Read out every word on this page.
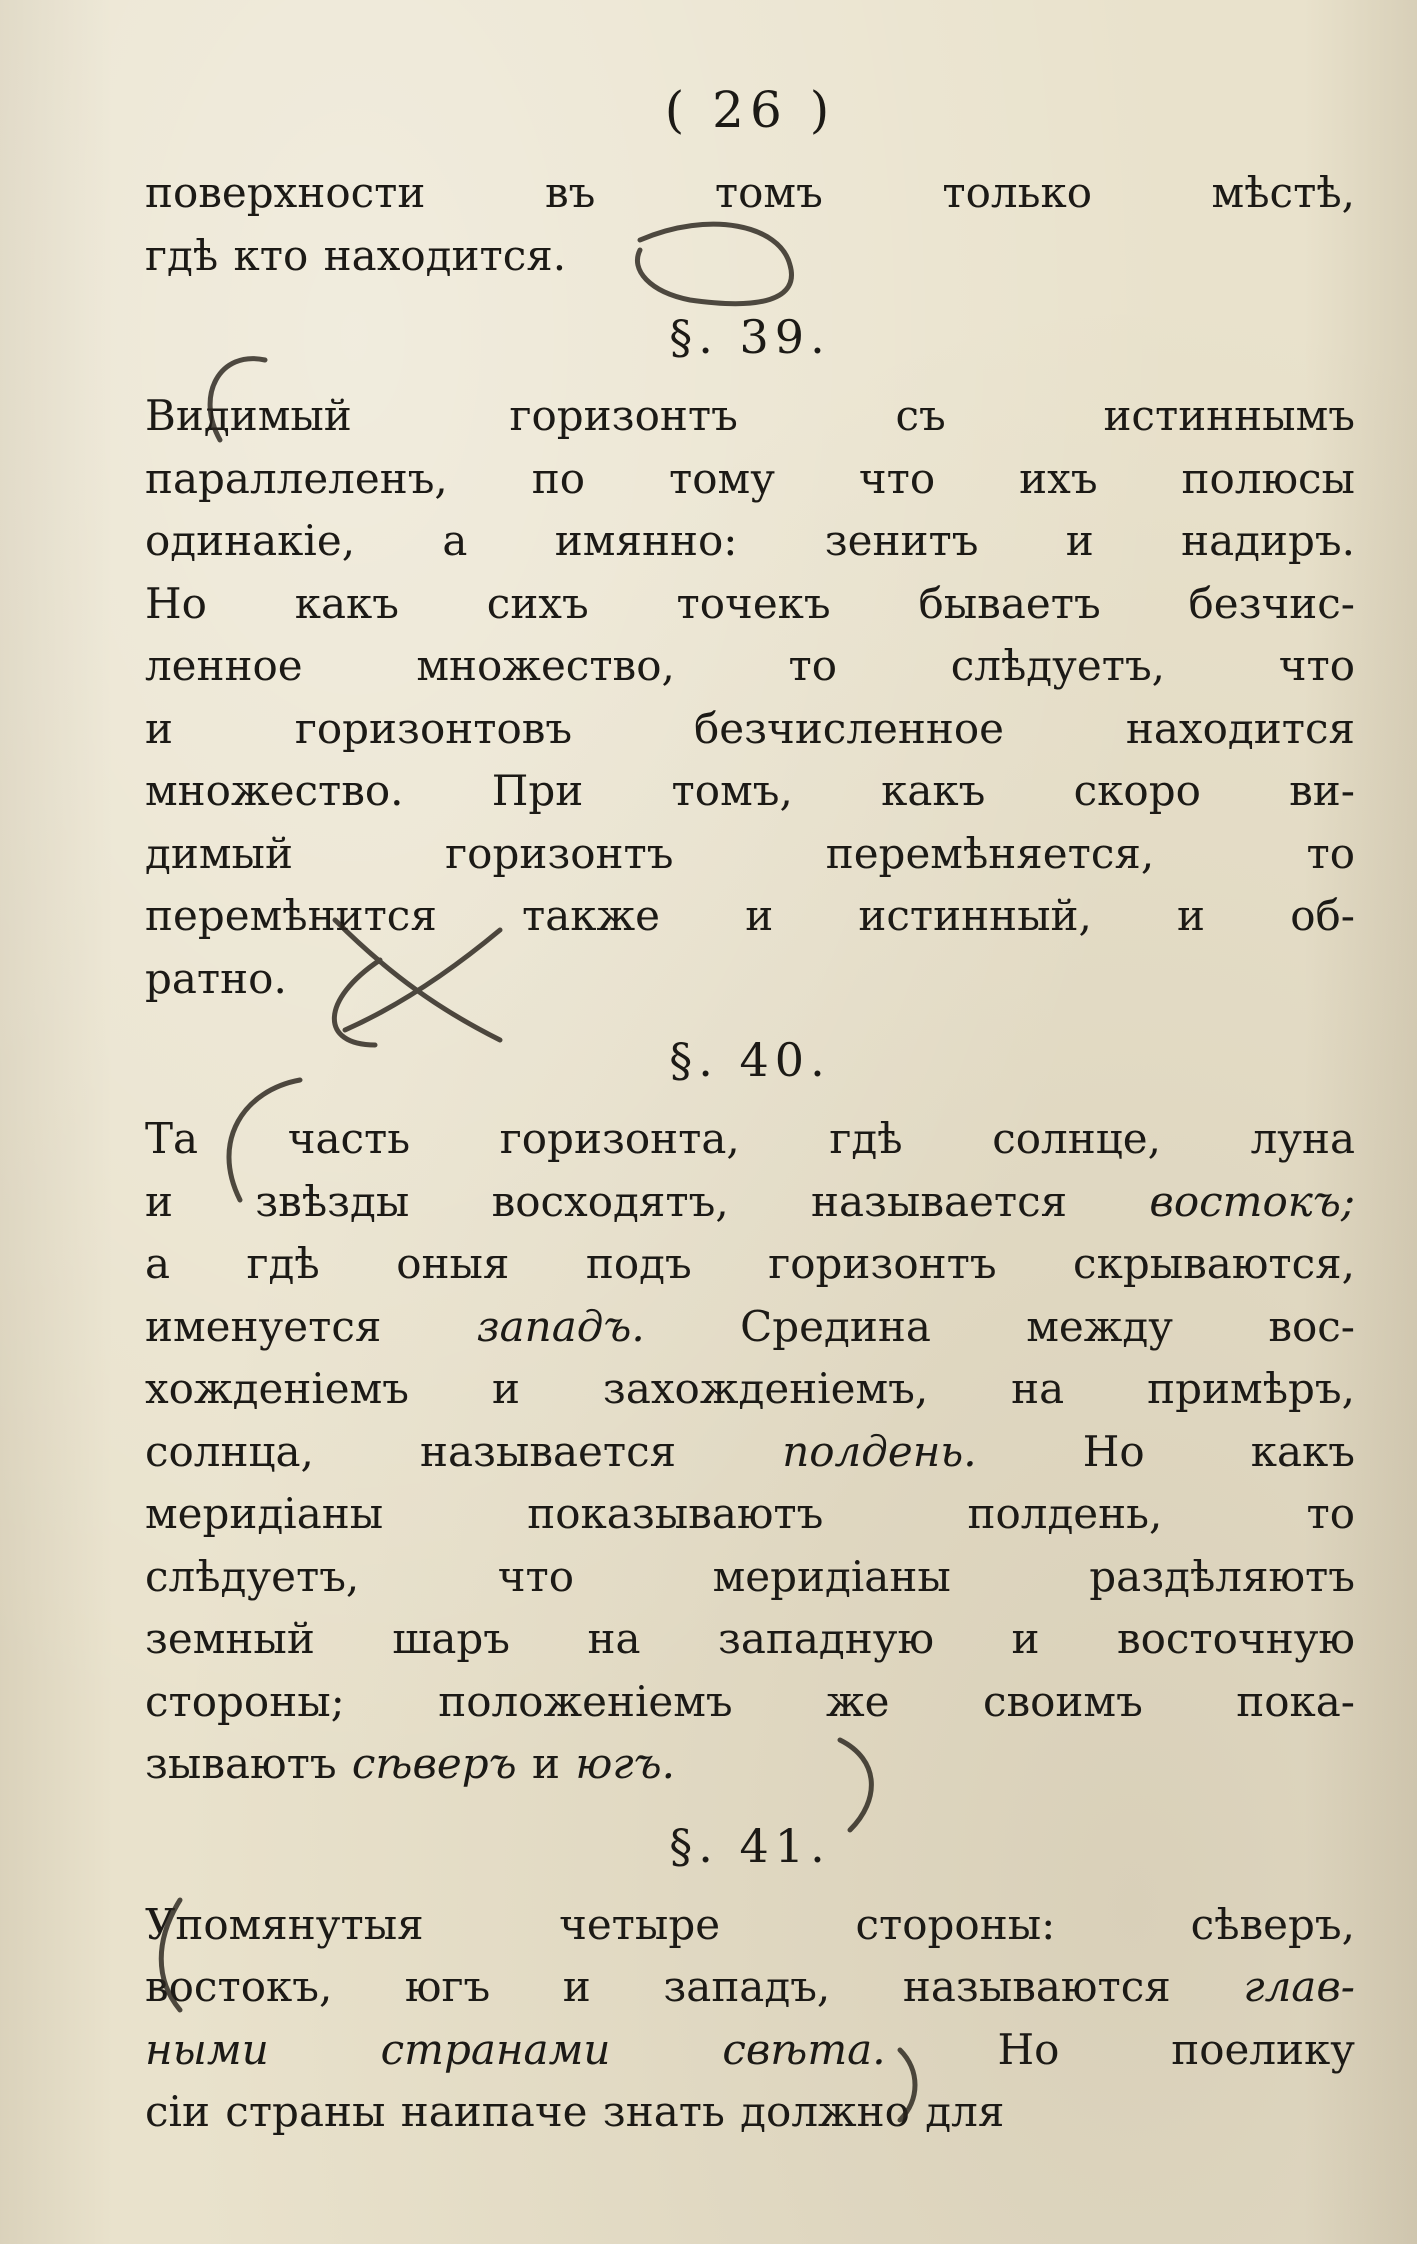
( 26 )
поверхности въ томъ только мѣстѣ,
гдѣ кто находится.
§. 39.
Видимый горизонтъ съ истиннымъ
параллеленъ, по тому что ихъ полюсы
одинакіе, а имянно: зенитъ и надиръ.
Но какъ сихъ точекъ бываетъ безчис-
ленное множество, то слѣдуетъ, что
и горизонтовъ безчисленное находится
множество. При томъ, какъ скоро ви-
димый горизонтъ перемѣняется, то
перемѣнится также и истинный, и об-
ратно.
§. 40.
Та часть горизонта, гдѣ солнце, луна
и звѣзды восходятъ, называется востокъ;
а гдѣ оныя подъ горизонтъ скрываются,
именуется западъ. Средина между вос-
хожденіемъ и захожденіемъ, на примѣръ,
солнца, называется полдень. Но какъ
меридіаны показываютъ полдень, то
слѣдуетъ, что меридіаны раздѣляютъ
земный шаръ на западную и восточную
стороны; положеніемъ же своимъ пока-
зываютъ сѣверъ и югъ.
§. 41.
Упомянутыя четыре стороны: сѣверъ,
востокъ, югъ и западъ, называются глав-
ными странами свѣта. Но поелику
сіи страны наипаче знать должно для
